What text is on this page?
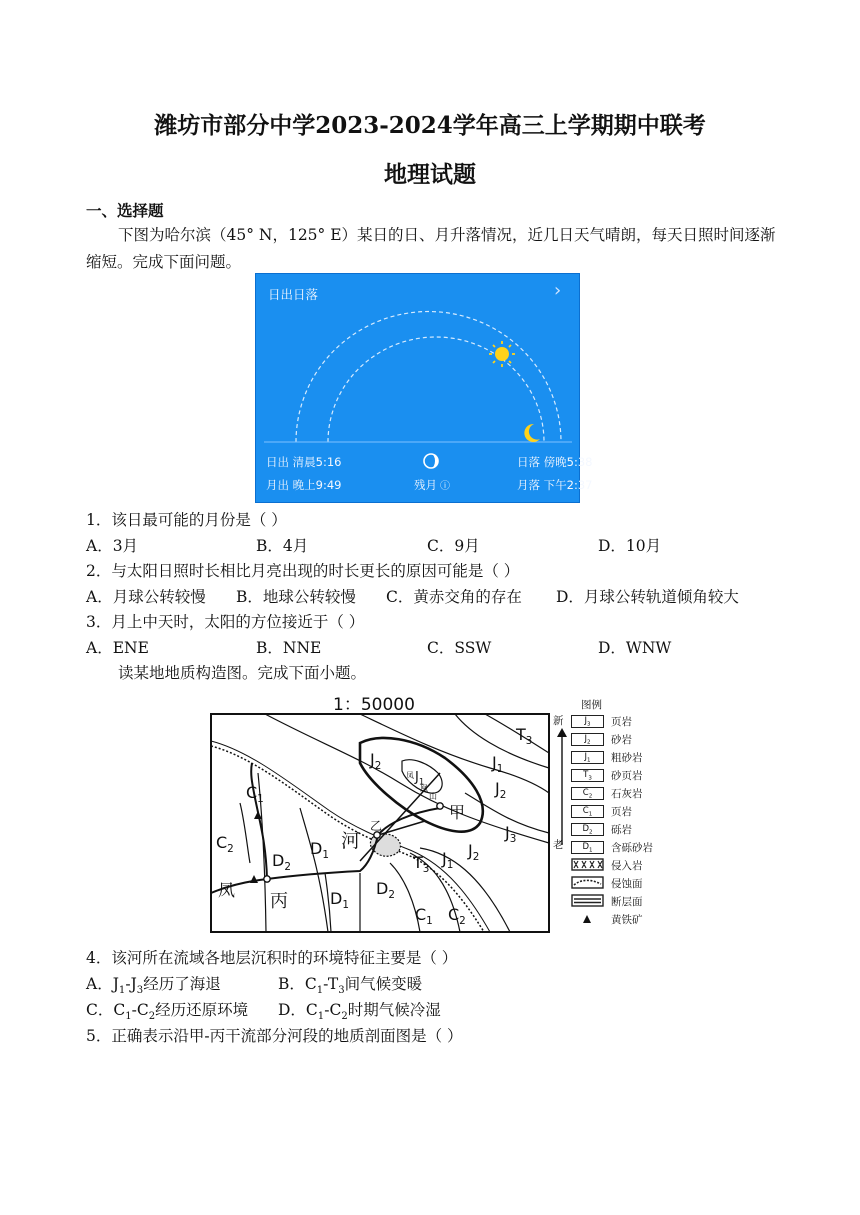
潍坊市部分中学2023-2024学年高三上学期期中联考
地理试题
一、选择题
下图为哈尔滨（45° N，125° E）某日的日、月升落情况，近几日天气晴朗，每天日照时间逐渐缩短。完成下面问题。
日出日落	›
日出 清晨5:16
月出 晚上9:49
日落 傍晚5:38
月落 下午2:37
残月 ⓘ
1．该日最可能的月份是（ ）
A．3月	B．4月	C．9月	D．10月
2．与太阳日照时长相比月亮出现的时长更长的原因可能是（ ）
A．月球公转较慢 B．地球公转较慢 C．黄赤交角的存在 D．月球公转轨道倾角较大
3．月上中天时，太阳的方位接近于（ ）
A．ENE	B．NNE	C．SSW	D．WNW
读某地地质构造图。完成下面小题。
1：50000
$J_2$	$J_1$
$T_3$
$J_2$
$J_3$
$J_1$
凤
凰
山
甲
乙
河
$C_1$
$C_2$
$D_2$
$D_1$	$T_3$
$J_1$
$J_2$
$D_2$
$D_1$	$C_1$ $C_2$
凤 丙
图例
新
老
$J_3$	页岩
$J_2$	砂岩
$J_1$	粗砂岩
$T_3$	砂页岩
$C_2$	石灰岩
$C_1$	页岩
$D_2$	砾岩
$D_1$	含砾砂岩
侵入岩
侵蚀面
断层面
黄铁矿
4．该河所在流域各地层沉积时的环境特征主要是（ ）
A．$J_1-J_3$经历了海退	B．$C_1-T_3$间气候变暖
C．$C_1-C_2$经历还原环境 D．$C_1-C_2$时期气候冷湿
5．正确表示沿甲-丙干流部分河段的地质剖面图是（ ）
